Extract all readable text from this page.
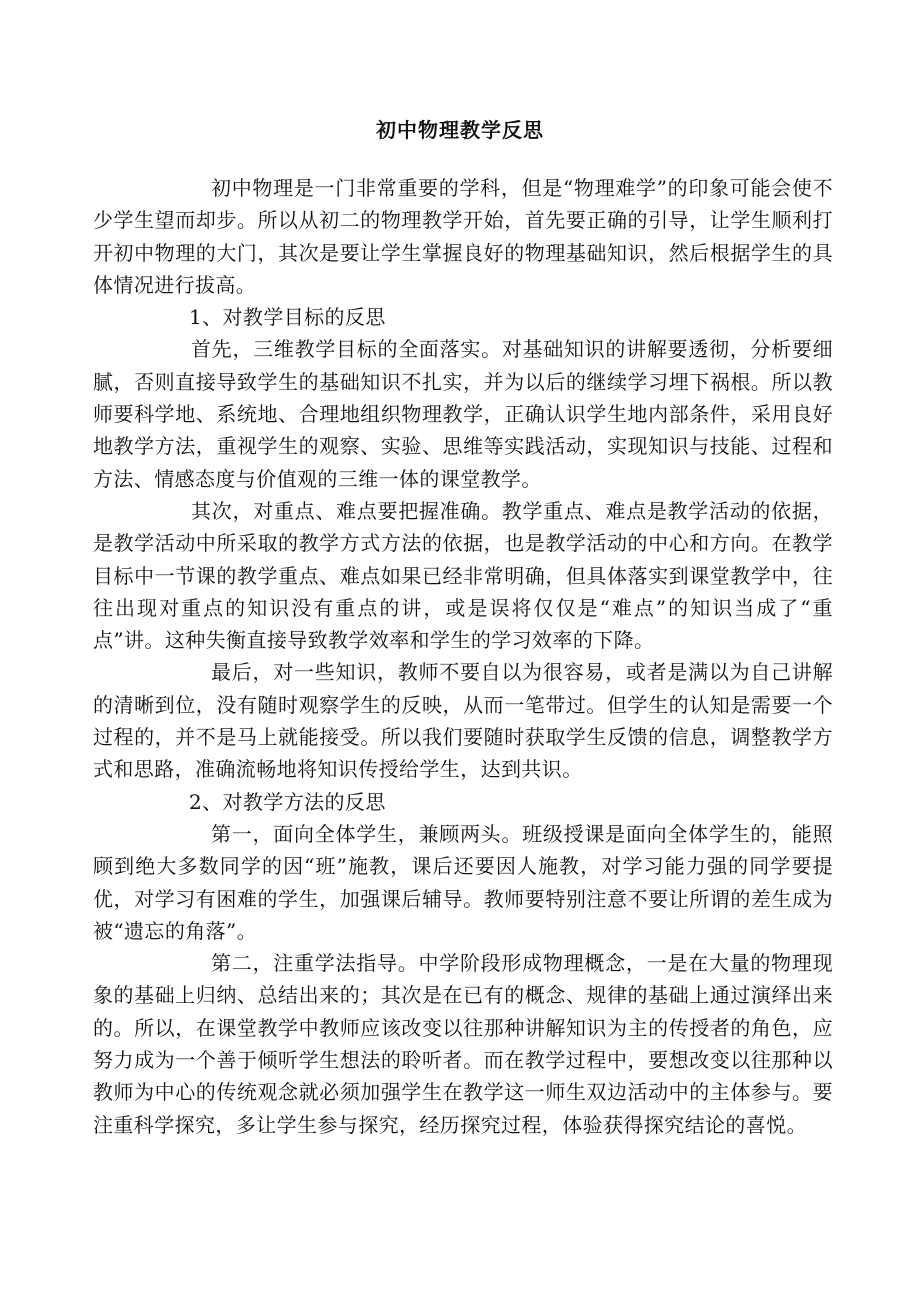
初中物理教学反思

初中物理是一门非常重要的学科，但是“物理难学”的印象可能会使不少学生望而却步。所以从初二的物理教学开始，首先要正确的引导，让学生顺利打开初中物理的大门，其次是要让学生掌握良好的物理基础知识，然后根据学生的具体情况进行拔高。

1、对教学目标的反思

首先，三维教学目标的全面落实。对基础知识的讲解要透彻，分析要细腻，否则直接导致学生的基础知识不扎实，并为以后的继续学习埋下祸根。所以教师要科学地、系统地、合理地组织物理教学，正确认识学生地内部条件，采用良好地教学方法，重视学生的观察、实验、思维等实践活动，实现知识与技能、过程和方法、情感态度与价值观的三维一体的课堂教学。

其次，对重点、难点要把握准确。教学重点、难点是教学活动的依据，是教学活动中所采取的教学方式方法的依据，也是教学活动的中心和方向。在教学目标中一节课的教学重点、难点如果已经非常明确，但具体落实到课堂教学中，往往出现对重点的知识没有重点的讲，或是误将仅仅是“难点”的知识当成了“重点”讲。这种失衡直接导致教学效率和学生的学习效率的下降。

最后，对一些知识，教师不要自以为很容易，或者是满以为自己讲解的清晰到位，没有随时观察学生的反映，从而一笔带过。但学生的认知是需要一个过程的，并不是马上就能接受。所以我们要随时获取学生反馈的信息，调整教学方式和思路，准确流畅地将知识传授给学生，达到共识。

2、对教学方法的反思

第一，面向全体学生，兼顾两头。班级授课是面向全体学生的，能照顾到绝大多数同学的因“班”施教，课后还要因人施教，对学习能力强的同学要提优，对学习有困难的学生，加强课后辅导。教师要特别注意不要让所谓的差生成为被“遗忘的角落”。

第二，注重学法指导。中学阶段形成物理概念，一是在大量的物理现象的基础上归纳、总结出来的；其次是在已有的概念、规律的基础上通过演绎出来的。所以，在课堂教学中教师应该改变以往那种讲解知识为主的传授者的角色，应努力成为一个善于倾听学生想法的聆听者。而在教学过程中，要想改变以往那种以教师为中心的传统观念就必须加强学生在教学这一师生双边活动中的主体参与。要注重科学探究，多让学生参与探究，经历探究过程，体验获得探究结论的喜悦。
